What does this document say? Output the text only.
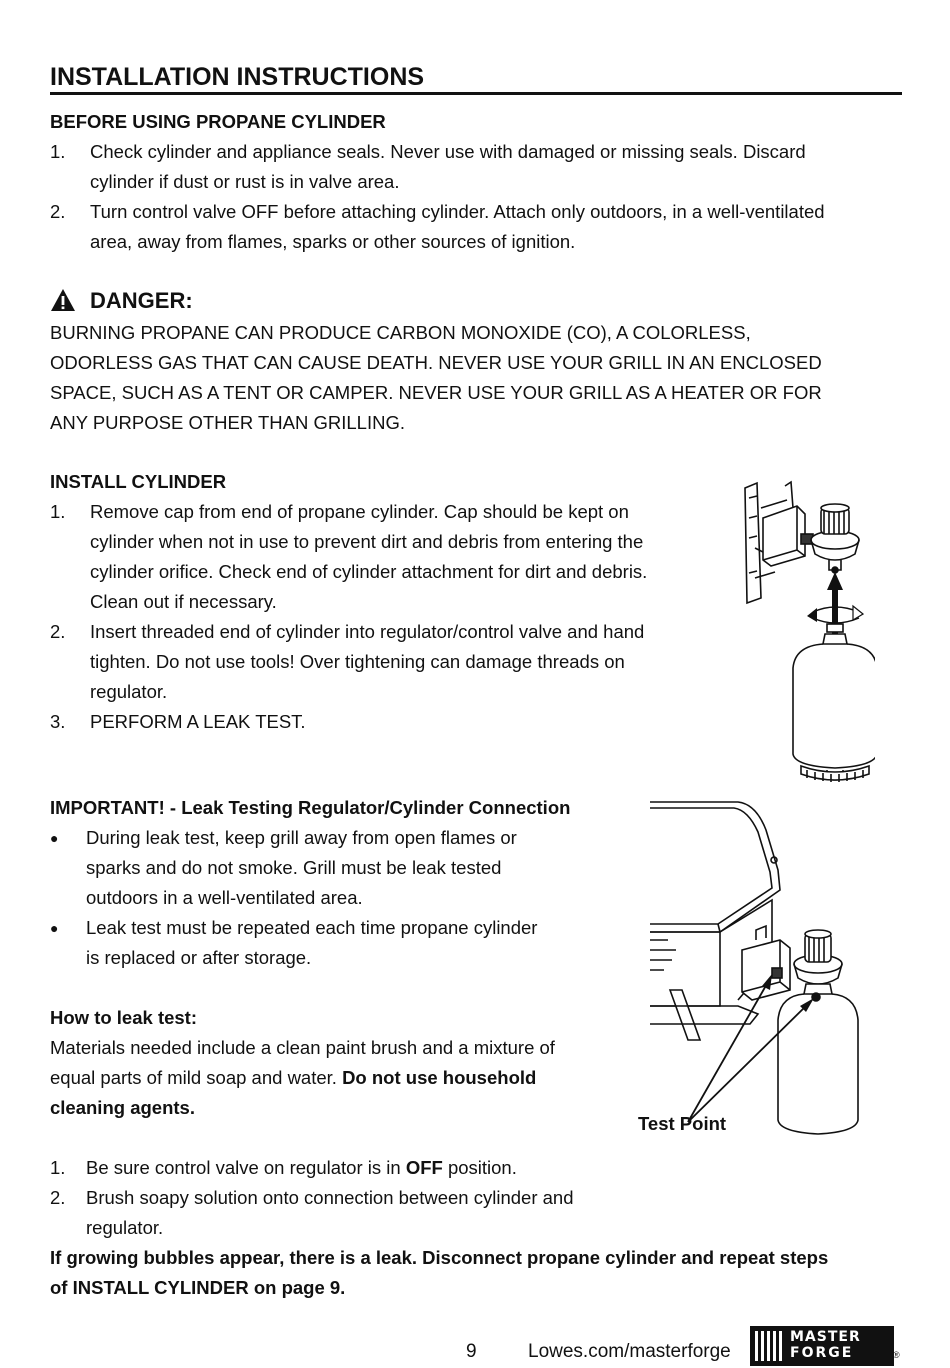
INSTALLATION INSTRUCTIONS
BEFORE USING PROPANE CYLINDER
1. Check cylinder and appliance seals. Never use with damaged or missing seals. Discard
cylinder if dust or rust is in valve area.
2. Turn control valve OFF before attaching cylinder. Attach only outdoors, in a well-ventilated
area, away from flames, sparks or other sources of ignition.
DANGER:
BURNING PROPANE CAN PRODUCE CARBON MONOXIDE (CO), A COLORLESS,
ODORLESS GAS THAT CAN CAUSE DEATH. NEVER USE YOUR GRILL IN AN ENCLOSED
SPACE, SUCH AS A TENT OR CAMPER. NEVER USE YOUR GRILL AS A HEATER OR FOR
ANY PURPOSE OTHER THAN GRILLING.
INSTALL CYLINDER
1. Remove cap from end of propane cylinder. Cap should be kept on
cylinder when not in use to prevent dirt and debris from entering the
cylinder orifice. Check end of cylinder attachment for dirt and debris.
Clean out if necessary.
2. Insert threaded end of cylinder into regulator/control valve and hand
tighten. Do not use tools! Over tightening can damage threads on
regulator.
3. PERFORM A LEAK TEST.
IMPORTANT! - Leak Testing Regulator/Cylinder Connection
● During leak test, keep grill away from open flames or
sparks and do not smoke. Grill must be leak tested
outdoors in a well-ventilated area.
● Leak test must be repeated each time propane cylinder
is replaced or after storage.
How to leak test:
Materials needed include a clean paint brush and a mixture of
equal parts of mild soap and water. Do not use household
cleaning agents.
Test Point
1. Be sure control valve on regulator is in OFF position.
2. Brush soapy solution onto connection between cylinder and
regulator.
If growing bubbles appear, there is a leak. Disconnect propane cylinder and repeat steps
of INSTALL CYLINDER on page 9.
9	Lowes.com/masterforge
MASTER
FORGE	®
